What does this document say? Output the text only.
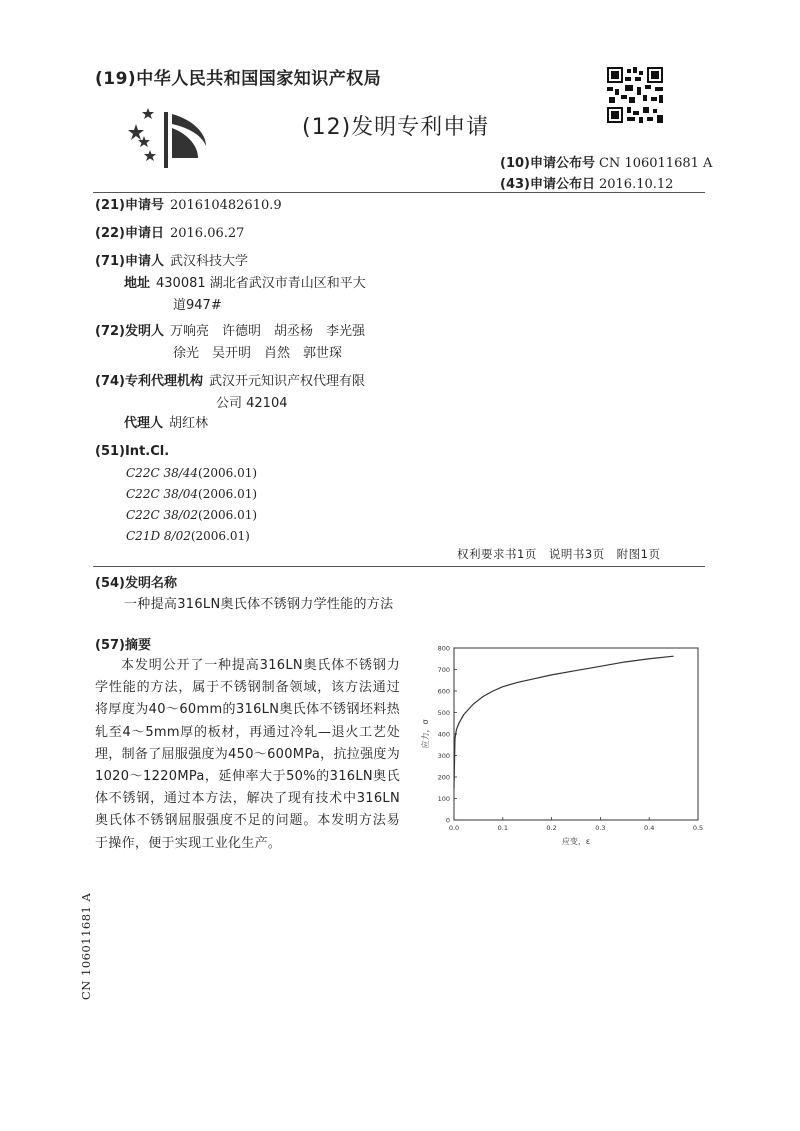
(19)中华人民共和国国家知识产权局
(12)发明专利申请
(10)申请公布号 CN 106011681 A
(43)申请公布日 2016.10.12
(21)申请号 201610482610.9
(22)申请日 2016.06.27
(71)申请人 武汉科技大学
地址 430081 湖北省武汉市青山区和平大
道947#
(72)发明人 万响亮　许德明　胡丞杨　李光强
徐光　吴开明　肖然　郭世琛
(74)专利代理机构 武汉开元知识产权代理有限
公司 42104
代理人 胡红林
(51)Int.Cl.
C22C 38/44(2006.01)
C22C 38/04(2006.01)
C22C 38/02(2006.01)
C21D 8/02(2006.01)
权利要求书1页 说明书3页 附图1页
(54)发明名称
一种提高316LN奥氏体不锈钢力学性能的方法
(57)摘要
本发明公开了一种提高316LN奥氏体不锈钢力学性能的方法，属于不锈钢制备领域，该方法通过将厚度为40～60mm的316LN奥氏体不锈钢坯料热轧至4～5mm厚的板材，再通过冷轧—退火工艺处理，制备了屈服强度为450～600MPa，抗拉强度为1020～1220MPa，延伸率大于50%的316LN奥氏体不锈钢，通过本方法，解决了现有技术中316LN奥氏体不锈钢屈服强度不足的问题。本发明方法易于操作，便于实现工业化生产。
0
100
200
300
400
500
600
700
800
0.0	0.1	0.2	0.3	0.4	0.5
应力，σ
应变，ε
CN 106011681 A
